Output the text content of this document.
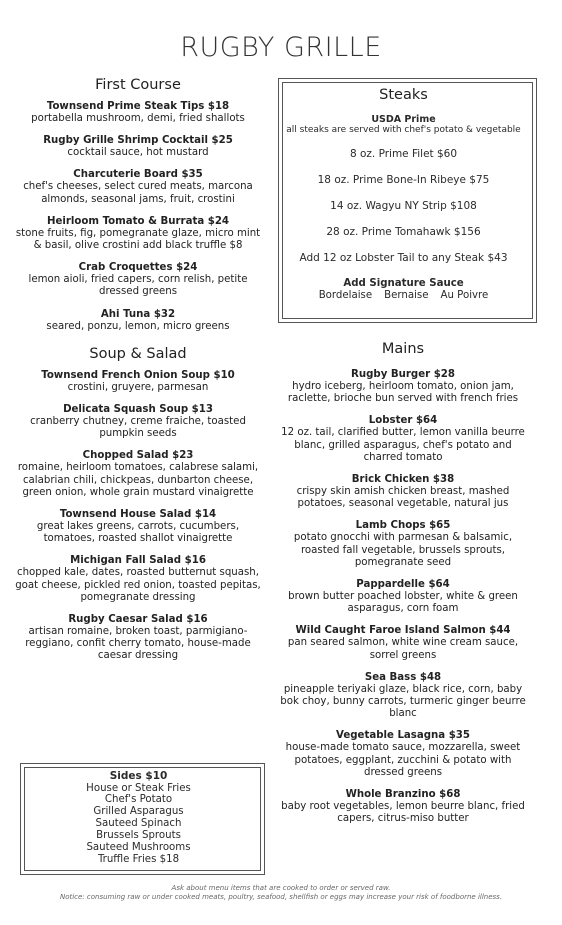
RUGBY GRILLE
First Course
Townsend Prime Steak Tips $18
portabella mushroom, demi, fried shallots
Rugby Grille Shrimp Cocktail $25
cocktail sauce, hot mustard
Charcuterie Board $35
chef's cheeses, select cured meats, marcona almonds, seasonal jams, fruit, crostini
Heirloom Tomato & Burrata $24
stone fruits, fig, pomegranate glaze, micro mint & basil, olive crostini add black truffle $8
Crab Croquettes $24
lemon aioli, fried capers, corn relish, petite dressed greens
Ahi Tuna $32
seared, ponzu, lemon, micro greens
Soup & Salad
Townsend French Onion Soup $10
crostini, gruyere, parmesan
Delicata Squash Soup $13
cranberry chutney, creme fraiche, toasted pumpkin seeds
Chopped Salad $23
romaine, heirloom tomatoes, calabrese salami, calabrian chili, chickpeas, dunbarton cheese, green onion, whole grain mustard vinaigrette
Townsend House Salad $14
great lakes greens, carrots, cucumbers, tomatoes, roasted shallot vinaigrette
Michigan Fall Salad $16
chopped kale, dates, roasted butternut squash, goat cheese, pickled red onion, toasted pepitas, pomegranate dressing
Rugby Caesar Salad $16
artisan romaine, broken toast, parmigiano-reggiano, confit cherry tomato, house-made caesar dressing
Sides $10
House or Steak Fries
Chef's Potato
Grilled Asparagus
Sauteed Spinach
Brussels Sprouts
Sauteed Mushrooms
Truffle Fries $18
Steaks
USDA Prime
all steaks are served with chef's potato & vegetable
8 oz. Prime Filet $60
18 oz. Prime Bone-In Ribeye $75
14 oz. Wagyu NY Strip $108
28 oz. Prime Tomahawk $156
Add 12 oz Lobster Tail to any Steak $43
Add Signature Sauce
Bordelaise Bernaise Au Poivre
Mains
Rugby Burger $28
hydro iceberg, heirloom tomato, onion jam, raclette, brioche bun served with french fries
Lobster $64
12 oz. tail, clarified butter, lemon vanilla beurre blanc, grilled asparagus, chef's potato and charred tomato
Brick Chicken $38
crispy skin amish chicken breast, mashed potatoes, seasonal vegetable, natural jus
Lamb Chops $65
potato gnocchi with parmesan & balsamic, roasted fall vegetable, brussels sprouts, pomegranate seed
Pappardelle $64
brown butter poached lobster, white & green asparagus, corn foam
Wild Caught Faroe Island Salmon $44
pan seared salmon, white wine cream sauce, sorrel greens
Sea Bass $48
pineapple teriyaki glaze, black rice, corn, baby bok choy, bunny carrots, turmeric ginger beurre blanc
Vegetable Lasagna $35
house-made tomato sauce, mozzarella, sweet potatoes, eggplant, zucchini & potato with dressed greens
Whole Branzino $68
baby root vegetables, lemon beurre blanc, fried capers, citrus-miso butter
Ask about menu items that are cooked to order or served raw.
Notice: consuming raw or under cooked meats, poultry, seafood, shellfish or eggs may increase your risk of foodborne illness.
